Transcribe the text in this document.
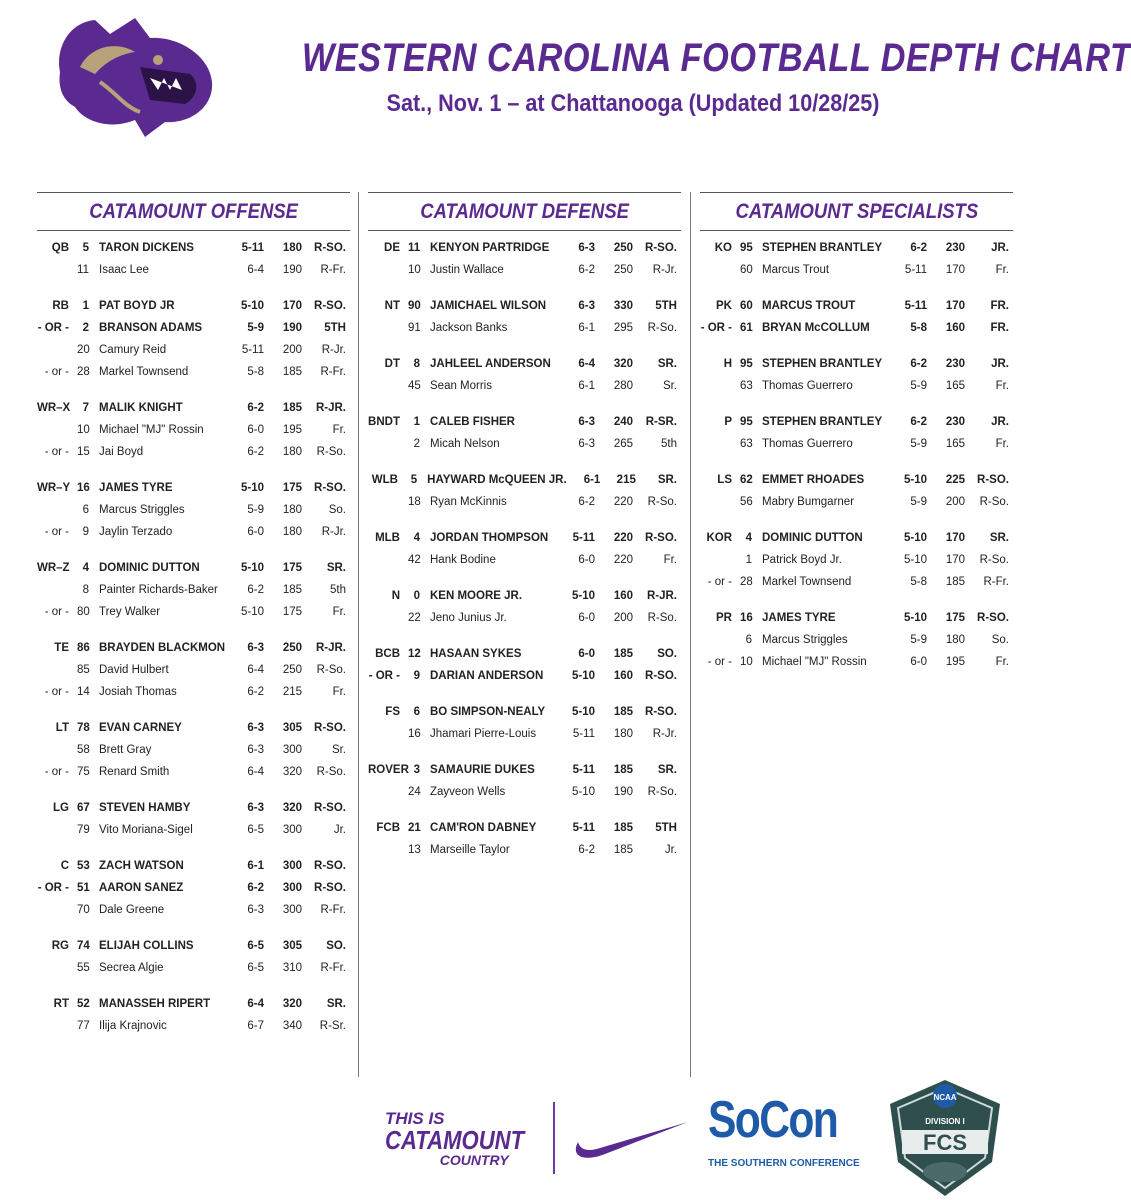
WESTERN CAROLINA FOOTBALL DEPTH CHART
Sat., Nov. 1 – at Chattanooga (Updated 10/28/25)
CATAMOUNT OFFENSE
QB	5 TARON DICKENS	5-11	180	R-SO.
11 Isaac Lee	6-4	190	R-Fr.
RB	1 PAT BOYD JR	5-10	170	R-SO.
- OR -	2 BRANSON ADAMS	5-9	190	5TH
20 Camury Reid	5-11	200	R-Jr.
- or - 28 Markel Townsend	5-8	185	R-Fr.
WR–X	7 MALIK KNIGHT	6-2	185	R-JR.
10 Michael "MJ" Rossin	6-0	195	Fr.
- or - 15 Jai Boyd	6-2	180	R-So.
WR–Y 16 JAMES TYRE	5-10	175	R-SO.
6 Marcus Striggles	5-9	180	So.
- or -	9 Jaylin Terzado	6-0	180	R-Jr.
WR–Z	4 DOMINIC DUTTON	5-10	175	SR.
8 Painter Richards-Baker	6-2	185	5th
- or - 80 Trey Walker	5-10	175	Fr.
TE 86 BRAYDEN BLACKMON	6-3	250	R-JR.
85 David Hulbert	6-4	250	R-So.
- or - 14 Josiah Thomas	6-2	215	Fr.
LT 78 EVAN CARNEY	6-3	305	R-SO.
58 Brett Gray	6-3	300	Sr.
- or - 75 Renard Smith	6-4	320	R-So.
LG 67 STEVEN HAMBY	6-3	320	R-SO.
79 Vito Moriana-Sigel	6-5	300	Jr.
C 53 ZACH WATSON	6-1	300	R-SO.
- OR - 51 AARON SANEZ	6-2	300	R-SO.
70 Dale Greene	6-3	300	R-Fr.
RG 74 ELIJAH COLLINS	6-5	305	SO.
55 Secrea Algie	6-5	310	R-Fr.
RT 52 MANASSEH RIPERT	6-4	320	SR.
77 Ilija Krajnovic	6-7	340	R-Sr.
CATAMOUNT DEFENSE
DE 11 KENYON PARTRIDGE	6-3	250	R-SO.
10 Justin Wallace	6-2	250	R-Jr.
NT 90 JAMICHAEL WILSON	6-3	330	5TH
91 Jackson Banks	6-1	295	R-So.
DT	8 JAHLEEL ANDERSON	6-4	320	SR.
45 Sean Morris	6-1	280	Sr.
BNDT	1 CALEB FISHER	6-3	240	R-SR.
2 Micah Nelson	6-3	265	5th
WLB	5 HAYWARD McQUEEN JR.	6-1	215	SR.
18 Ryan McKinnis	6-2	220	R-So.
MLB	4 JORDAN THOMPSON	5-11	220	R-SO.
42 Hank Bodine	6-0	220	Fr.
N	0 KEN MOORE JR.	5-10	160	R-JR.
22 Jeno Junius Jr.	6-0	200	R-So.
BCB 12 HASAAN SYKES	6-0	185	SO.
- OR -	9 DARIAN ANDERSON	5-10	160	R-SO.
FS	6 BO SIMPSON-NEALY	5-10	185	R-SO.
16 Jhamari Pierre-Louis	5-11	180	R-Jr.
ROVER 3 SAMAURIE DUKES	5-11	185	SR.
24 Zayveon Wells	5-10	190	R-So.
FCB 21 CAM'RON DABNEY	5-11	185	5TH
13 Marseille Taylor	6-2	185	Jr.
CATAMOUNT SPECIALISTS
KO 95 STEPHEN BRANTLEY	6-2	230	JR.
60 Marcus Trout	5-11	170	Fr.
PK 60 MARCUS TROUT	5-11	170	FR.
- OR - 61 BRYAN McCOLLUM	5-8	160	FR.
H 95 STEPHEN BRANTLEY	6-2	230	JR.
63 Thomas Guerrero	5-9	165	Fr.
P 95 STEPHEN BRANTLEY	6-2	230	JR.
63 Thomas Guerrero	5-9	165	Fr.
LS 62 EMMET RHOADES	5-10	225	R-SO.
56 Mabry Bumgarner	5-9	200	R-So.
KOR	4 DOMINIC DUTTON	5-10	170	SR.
1 Patrick Boyd Jr.	5-10	170	R-So.
- or - 28 Markel Townsend	5-8	185	R-Fr.
PR 16 JAMES TYRE	5-10	175	R-SO.
6 Marcus Striggles	5-9	180	So.
- or - 10 Michael "MJ" Rossin	6-0	195	Fr.
THIS IS
CATAMOUNT
COUNTRY
SoCon
THE SOUTHERN CONFERENCE
NCAA
DIVISION I
FCS
